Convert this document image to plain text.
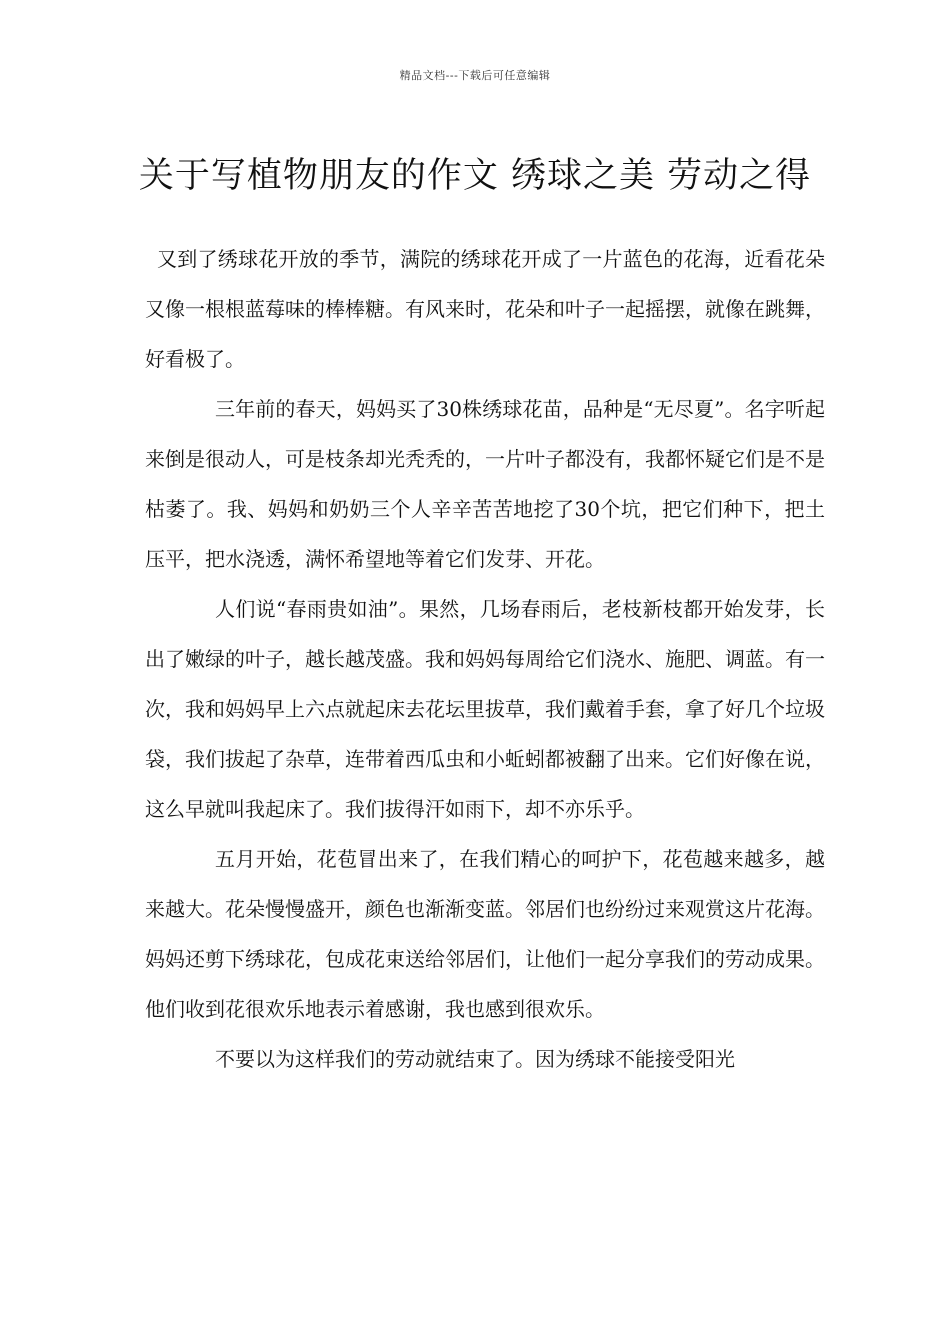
精品文档---下载后可任意编辑
关于写植物朋友的作文 绣球之美 劳动之得

又到了绣球花开放的季节，满院的绣球花开成了一片蓝色的花海，近看花朵又像一根根蓝莓味的棒棒糖。有风来时，花朵和叶子一起摇摆，就像在跳舞，好看极了。

三年前的春天，妈妈买了30株绣球花苗，品种是“无尽夏”。名字听起来倒是很动人，可是枝条却光秃秃的，一片叶子都没有，我都怀疑它们是不是枯萎了。我、妈妈和奶奶三个人辛辛苦苦地挖了30个坑，把它们种下，把土压平，把水浇透，满怀希望地等着它们发芽、开花。

人们说“春雨贵如油”。果然，几场春雨后，老枝新枝都开始发芽，长出了嫩绿的叶子，越长越茂盛。我和妈妈每周给它们浇水、施肥、调蓝。有一次，我和妈妈早上六点就起床去花坛里拔草，我们戴着手套，拿了好几个垃圾袋，我们拔起了杂草，连带着西瓜虫和小蚯蚓都被翻了出来。它们好像在说，这么早就叫我起床了。我们拔得汗如雨下，却不亦乐乎。

五月开始，花苞冒出来了，在我们精心的呵护下，花苞越来越多，越来越大。花朵慢慢盛开，颜色也渐渐变蓝。邻居们也纷纷过来观赏这片花海。妈妈还剪下绣球花，包成花束送给邻居们，让他们一起分享我们的劳动成果。他们收到花很欢乐地表示着感谢，我也感到很欢乐。

不要以为这样我们的劳动就结束了。因为绣球不能接受阳光
